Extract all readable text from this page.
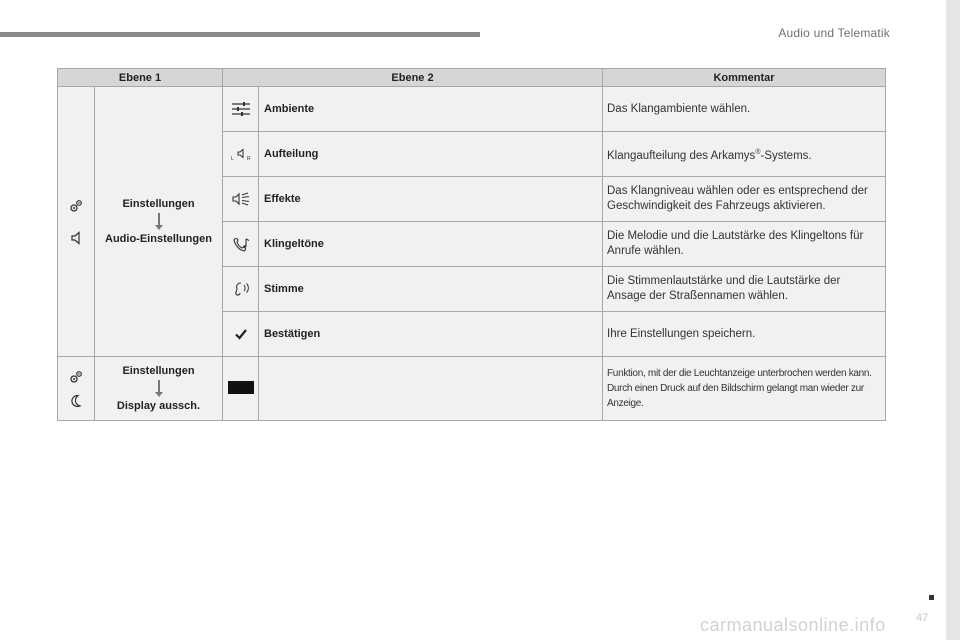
Audio und Telematik
Ebene 1		Ebene 2		Kommentar

Einstellungen
Audio-Einstellungen		Ambiente	Das Klangambiente wählen.

L R	Aufteilung	Klangaufteilung des Arkamys®-Systems.

	Effekte	Das Klangniveau wählen oder es entsprechend der Geschwindigkeit des Fahrzeugs aktivieren.

	Klingeltöne	Die Melodie und die Lautstärke des Klingeltons für Anrufe wählen.

	Stimme	Die Stimmenlautstärke und die Lautstärke der Ansage der Straßennamen wählen.

	Bestätigen	Ihre Einstellungen speichern.

Einstellungen
Display aussch.			Funktion, mit der die Leuchtanzeige unterbrochen werden kann. Durch einen Druck auf den Bildschirm gelangt man wieder zur Anzeige.
47
carmanualsonline.info
